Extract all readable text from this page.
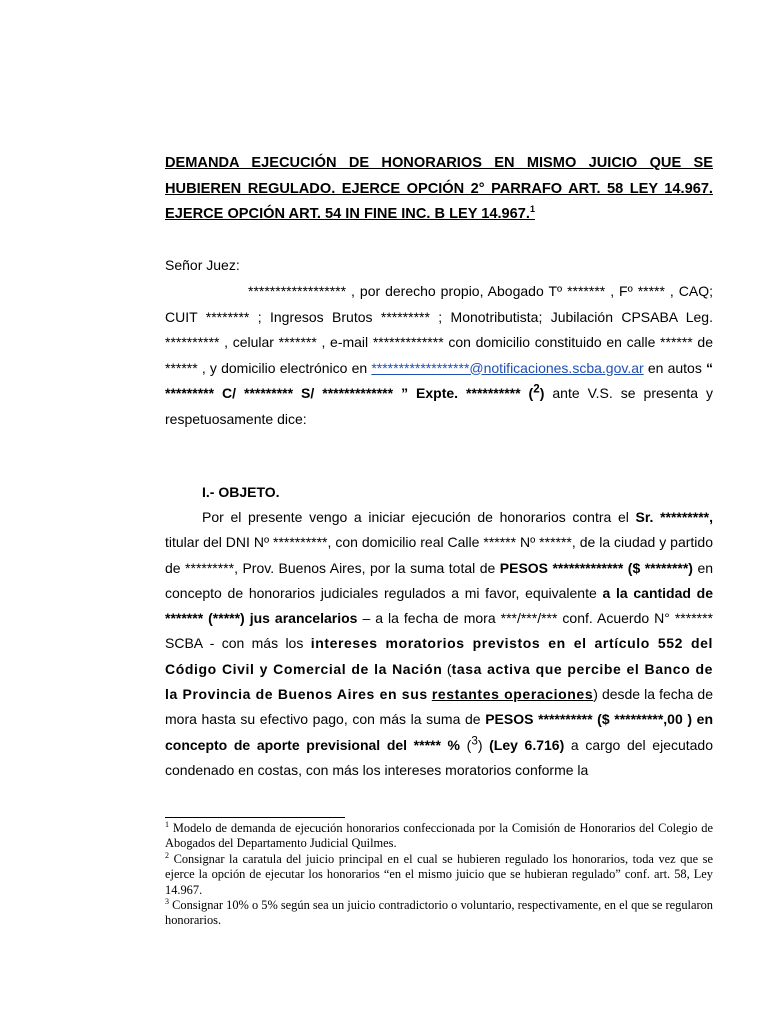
DEMANDA EJECUCIÓN DE HONORARIOS EN MISMO JUICIO QUE SE HUBIEREN REGULADO. EJERCE OPCIÓN 2° PARRAFO ART. 58 LEY 14.967. EJERCE OPCIÓN ART. 54 IN FINE INC. B LEY 14.967.$^1$
Señor Juez:
****************** , por derecho propio, Abogado Tº ******* , Fº ***** , CAQ; CUIT ******** ; Ingresos Brutos ********* ; Monotributista; Jubilación CPSABA Leg. ********** , celular ******* , e-mail ************* con domicilio constituido en calle ****** de ****** , y domicilio electrónico en ******************@notificaciones.scba.gov.ar en autos “ ********* C/ ********* S/ ************* ” Expte. ********** ($^2$) ante V.S. se presenta y respetuosamente dice:
I.- OBJETO.
Por el presente vengo a iniciar ejecución de honorarios contra el Sr. *********, titular del DNI Nº **********, con domicilio real Calle ****** Nº ******, de la ciudad y partido de *********, Prov. Buenos Aires, por la suma total de PESOS ************* ($ ********) en concepto de honorarios judiciales regulados a mi favor, equivalente a la cantidad de ******* (*****) jus arancelarios – a la fecha de mora ***/***/*** conf. Acuerdo N° ******* SCBA - con más los intereses moratorios previstos en el artículo 552 del Código Civil y Comercial de la Nación (tasa activa que percibe el Banco de la Provincia de Buenos Aires en sus restantes operaciones) desde la fecha de mora hasta su efectivo pago, con más la suma de PESOS ********** ($ *********,00 ) en concepto de aporte previsional del ***** % ($^3$) (Ley 6.716) a cargo del ejecutado condenado en costas, con más los intereses moratorios conforme la

$^1$ Modelo de demanda de ejecución honorarios confeccionada por la Comisión de Honorarios del Colegio de Abogados del Departamento Judicial Quilmes.

$^2$ Consignar la caratula del juicio principal en el cual se hubieren regulado los honorarios, toda vez que se ejerce la opción de ejecutar los honorarios “en el mismo juicio que se hubieran regulado” conf. art. 58, Ley 14.967.

$^3$ Consignar 10% o 5% según sea un juicio contradictorio o voluntario, respectivamente, en el que se regularon honorarios.
